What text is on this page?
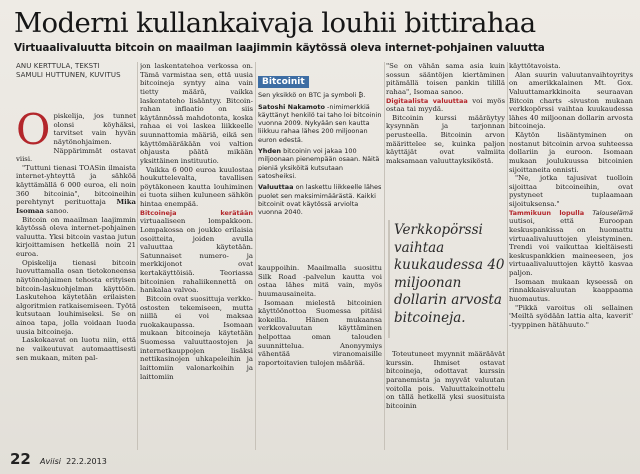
Moderni kullankaivaja louhii bittirahaa
Virtuaalivaluutta bitcoin on maailman laajimmin käytössä oleva internet-pohjainen valuutta
ANU KERTTULA, TEKSTI
SAMULI HUTTUNEN, KUVITUS

Opiskelija, jos tunnet olonsi köyhäksi, tarvitset vain hyvän näytönohjaimen. Näppärimmät ostavat viisi.

"Tuttuni tienasi TOASin ilmaista internet-yhteyttä ja sähköä käyttämällä 6 000 euroa, eli noin 360 bitcoinia", bitcoineihin perehtynyt perituottaja Mika Isomaa sanoo.

Bitcoin on maailman laajimmin käytössä oleva internet-pohjainen valuutta. Yksi bitcoin vastaa jutun kirjoittamisen hetkellä noin 21 euroa.

Opiskelija tienasi bitcoin luovuttamalla osan tietokoneensa näytönohjaimen tehosta erityisen bitcoin-laskuohjelman käyttöön. Laskutehoa käytetään erilaisten algoritmien ratkaisemiseen. Työtä kutsutaan louhimiseksi. Se on ainoa tapa, jolla voidaan luoda uusia bitcoineja.

Laskokaavat on luotu niin, että ne vaikeutuvat automaattisesti sen mukaan, miten pal-

jon laskentatehoa verkossa on. Tämä varmistaa sen, että uusia bitcoineja syntyy aina vain tietty määrä, vaikka laskentateho lisääntyy. Bitcoin-rahan inflaatio on siis käytännössä mahdotonta, koska rahaa ei voi laskea liikkeelle suunnattomia määriä, eikä sen käyttömääräkään voi valtion ohjausta päätä mikään yksittäinen instituutio.

Vaikka 6 000 euroa kuulostaa houkuttelevalta, tavallisen pöytäkoneen kautta louhiminen ei tuota siihen kuluneen sähkön hintaa enempää.

Bitcoineja kerätään virtuaaliseen lompakkoon. Lompakossa on joukko erilaisia osoitteita, joiden avulla valuuttaa käytetään. Satunnaiset numero- ja merkkijonot ovat kertakäyttöisiä. Teoriassa bitcoinien rahaliikennettä on hankalaa valvoa.

Bitcoin ovat suosittuja verkko-ostosten tekemiseen, mutta niillä ei voi maksaa ruokakaupassa. Isomaan mukaan bitcoineja käytetään Suomessa valuuttaostojen ja internetkauppojen lisäksi nettikasinojen uhkapeleihin ja laittomiin valonarkoihin ja laittomiin

Bitcoinit

Sen yksikkö on BTC ja symboli ₿.

Satoshi Nakamoto -nimimerkkiä käyttänyt henkilö tai taho loi bitcoinin vuonna 2009. Nykyään sen kautta liikkuu rahaa lähes 200 miljoonan euron edestä.

Yhden bitcoinin voi jakaa 100 miljoonaan pienempään osaan. Näitä pieniä yksiköitä kutsutaan satosheiksi.

Valuuttaa on laskettu liikkeelle lähes puolet sen maksimimäärästä. Kaikki bitcoinit ovat käytössä arviolta vuonna 2040.

kauppoihin. Maailmalla suosittu Silk Road -palvelun kautta voi ostaa lähes mitä vain, myös huumausaineita.

Isomaan mielestä bitcoinien käyttöönottoa Suomessa pitäisi kokeilla. Hänen mukaansa verkkovaluutan käyttäminen helpottaa oman talouden suunnittelua. Anonyymiys vähentää viranomaisille raportoitavien tulojen määrää.

"Se on vähän sama asia kuin sossun sääntöjen kiertäminen pitämällä toisen pankin tilillä rahaa", Isomaa sanoo.

Digitaalista valuuttaa voi myös ostaa tai myydä.

Bitcoinin kurssi määräytyy kysynnän ja tarjonnan perusteella. Bitcoinin arvon määrittelee se, kuinka paljon käyttäjät ovat valmiita maksamaan valuuttayksiköstä.

Verkkopörssi vaihtaa kuukaudessa 40 miljoonan dollarin arvosta bitcoineja.

Toteutuneet myynnit määräävät kurssin. Ihmiset ostavat bitcoineja, odottavat kurssin paranemista ja myyvät valuutan voitolla pois. Valuuttakeinottelu on tällä hetkellä yksi suosituista bitcoinin

käyttötavoista.

Alan suurin valuutanvaihtoyritys on amerikkalainen Mt. Gox. Valuuttamarkkinoita seuraavan Bitcoin charts -sivuston mukaan verkkopörssi vaihtaa kuukaudessa lähes 40 miljoonan dollarin arvosta bitcoineja.

Käytön lisääntyminen on nostanut bitcoinin arvoa suhteessa dollariin ja euroon. Isomaan mukaan joulukuussa bitcoinien sijoittaneita onnisti.

"Ne, jotka tajusivat tuolloin sijoittaa bitcoineihin, ovat pystyneet tuplaamaan sijoituksensa."

Tammikuun lopulla Talouselämä uutisoi, että Euroopan keskuspankissa on huomattu virtuaalivaluuttojen yleistyminen. Trendi voi vaikuttaa kieltäisesti keskuspankkien maineeseen, jos virtuaalivaluuttojen käyttö kasvaa paljon.

Isomaan mukaan kyseessä on rinnakkaisvaluutan kaappaama huomautus.

"Pikkä varoitus oli sellainen 'Meiltä syödään lattia alta, kaverit' -tyyppinen hätähuuto."

22 Aviisi 22.2.2013
